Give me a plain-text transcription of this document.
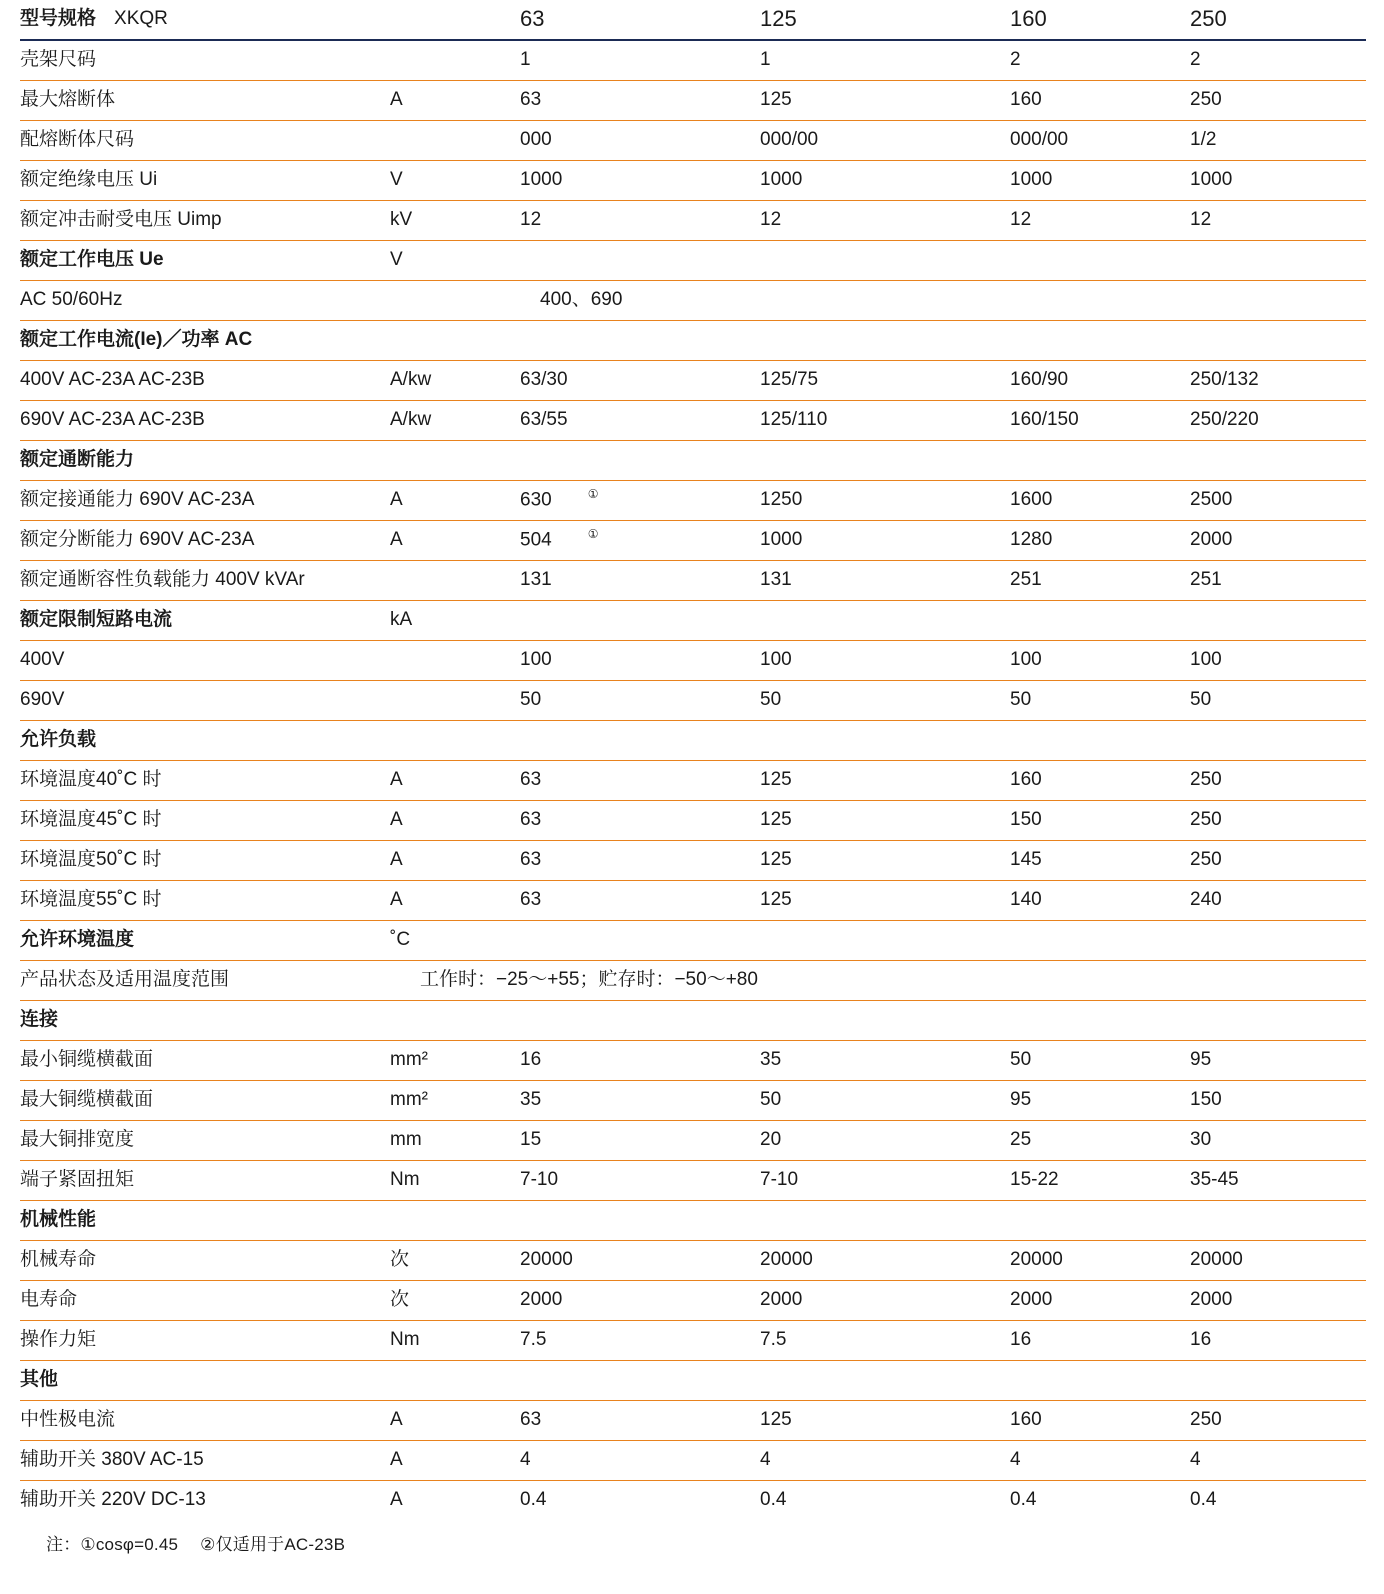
型号规格 XKQR		63	125	160	250
壳架尺码		1	1	2	2
最大熔断体	A	63	125	160	250
配熔断体尺码		000	000/00	000/00	1/2
额定绝缘电压 Ui	V	1000	1000	1000	1000
额定冲击耐受电压 Uimp	kV	12	12	12	12
额定工作电压 Ue	V				
AC 50/60Hz	400、690				
额定工作电流(Ie)／功率 AC					
400V AC-23A AC-23B	A/kw	63/30	125/75	160/90	250/132
690V AC-23A AC-23B	A/kw	63/55	125/110	160/150	250/220
额定通断能力					
额定接通能力 690V AC-23A	A	630 ①	1250	1600	2500
额定分断能力 690V AC-23A	A	504 ①	1000	1280	2000
额定通断容性负载能力 400V kVAr		131	131	251	251
额定限制短路电流	kA				
400V		100	100	100	100
690V		50	50	50	50
允许负载					
环境温度40˚C 时	A	63	125	160	250
环境温度45˚C 时	A	63	125	150	250
环境温度50˚C 时	A	63	125	145	250
环境温度55˚C 时	A	63	125	140	240
允许环境温度	˚C				
产品状态及适用温度范围	工作时：−25～+55；贮存时：−50～+80				
连接					
最小铜缆横截面	mm²	16	35	50	95
最大铜缆横截面	mm²	35	50	95	150
最大铜排宽度	mm	15	20	25	30
端子紧固扭矩	Nm	7-10	7-10	15-22	35-45
机械性能					
机械寿命	次	20000	20000	20000	20000
电寿命	次	2000	2000	2000	2000
操作力矩	Nm	7.5	7.5	16	16
其他					
中性极电流	A	63	125	160	250
辅助开关 380V AC-15	A	4	4	4	4
辅助开关 220V DC-13	A	0.4	0.4	0.4	0.4
注：①cosφ=0.45 ②仅适用于AC-23B
